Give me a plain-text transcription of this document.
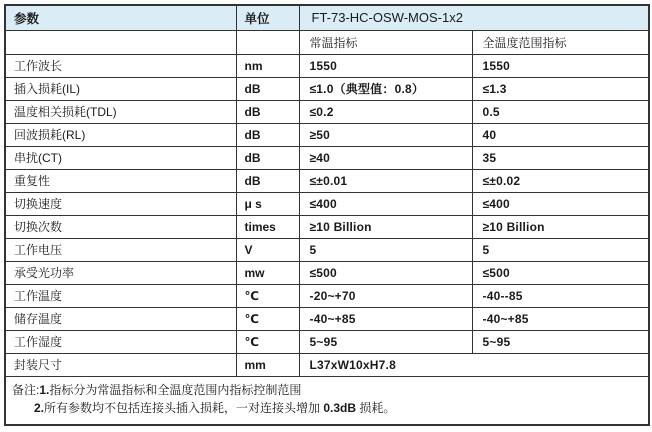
参数	单位	FT-73-HC-OSW-MOS-1x2	
		常温指标	全温度范围指标
工作波长	nm	1550	1550
插入损耗(IL)	dB	≤1.0（典型值：0.8）	≤1.3
温度相关损耗(TDL)	dB	≤0.2	0.5
回波损耗(RL)	dB	≥50	40
串扰(CT)	dB	≥40	35
重复性	dB	≤±0.01	≤±0.02
切换速度	μ s	≤400	≤400
切换次数	times	≥10 Billion	≥10 Billion
工作电压	V	5	5
承受光功率	mw	≤500	≤500
工作温度	℃	-20~+70	-40--85
储存温度	℃	-40~+85	-40~+85
工作湿度	℃	5~95	5~95
封装尺寸	mm	L37xW10xH7.8	

备注:1.指标分为常温指标和全温度范围内指标控制范围
2.所有参数均不包括连接头插入损耗，一对连接头增加 0.3dB 损耗。			
